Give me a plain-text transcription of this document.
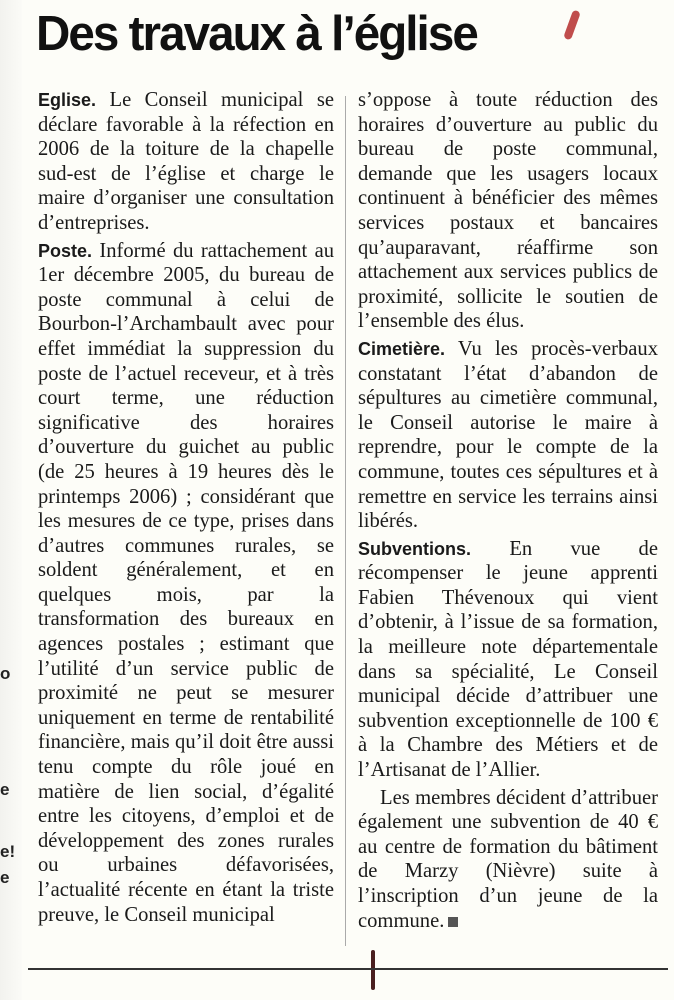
o
e
e!
e
Des travaux à l’église

Eglise. Le Conseil municipal se déclare favorable à la réfection en 2006 de la toiture de la chapelle sud-est de l’église et charge le maire d’organiser une consultation d’entreprises.

Poste. Informé du rattachement au 1er décembre 2005, du bureau de poste communal à celui de Bourbon-l’Archambault avec pour effet immédiat la suppression du poste de l’actuel receveur, et à très court terme, une réduction significative des horaires d’ouverture du guichet au public (de 25 heures à 19 heures dès le printemps 2006) ; considérant que les mesures de ce type, prises dans d’autres communes rurales, se soldent généralement, et en quelques mois, par la transformation des bureaux en agences postales ; estimant que l’utilité d’un service public de proximité ne peut se mesurer uniquement en terme de rentabilité financière, mais qu’il doit être aussi tenu compte du rôle joué en matière de lien social, d’égalité entre les citoyens, d’emploi et de développement des zones rurales ou urbaines défavorisées, l’actualité récente en étant la triste preuve, le Conseil municipal

s’oppose à toute réduction des horaires d’ouverture au public du bureau de poste communal, demande que les usagers locaux continuent à bénéficier des mêmes services postaux et bancaires qu’auparavant, réaffirme son attachement aux services publics de proximité, sollicite le soutien de l’ensemble des élus.

Cimetière. Vu les procès-verbaux constatant l’état d’abandon de sépultures au cimetière communal, le Conseil autorise le maire à reprendre, pour le compte de la commune, toutes ces sépultures et à remettre en service les terrains ainsi libérés.

Subventions. En vue de récompenser le jeune apprenti Fabien Thévenoux qui vient d’obtenir, à l’issue de sa formation, la meilleure note départementale dans sa spécialité, Le Conseil municipal décide d’attribuer une subvention exceptionnelle de 100 € à la Chambre des Métiers et de l’Artisanat de l’Allier.

Les membres décident d’attribuer également une subvention de 40 € au centre de formation du bâtiment de Marzy (Nièvre) suite à l’inscription d’un jeune de la commune.
